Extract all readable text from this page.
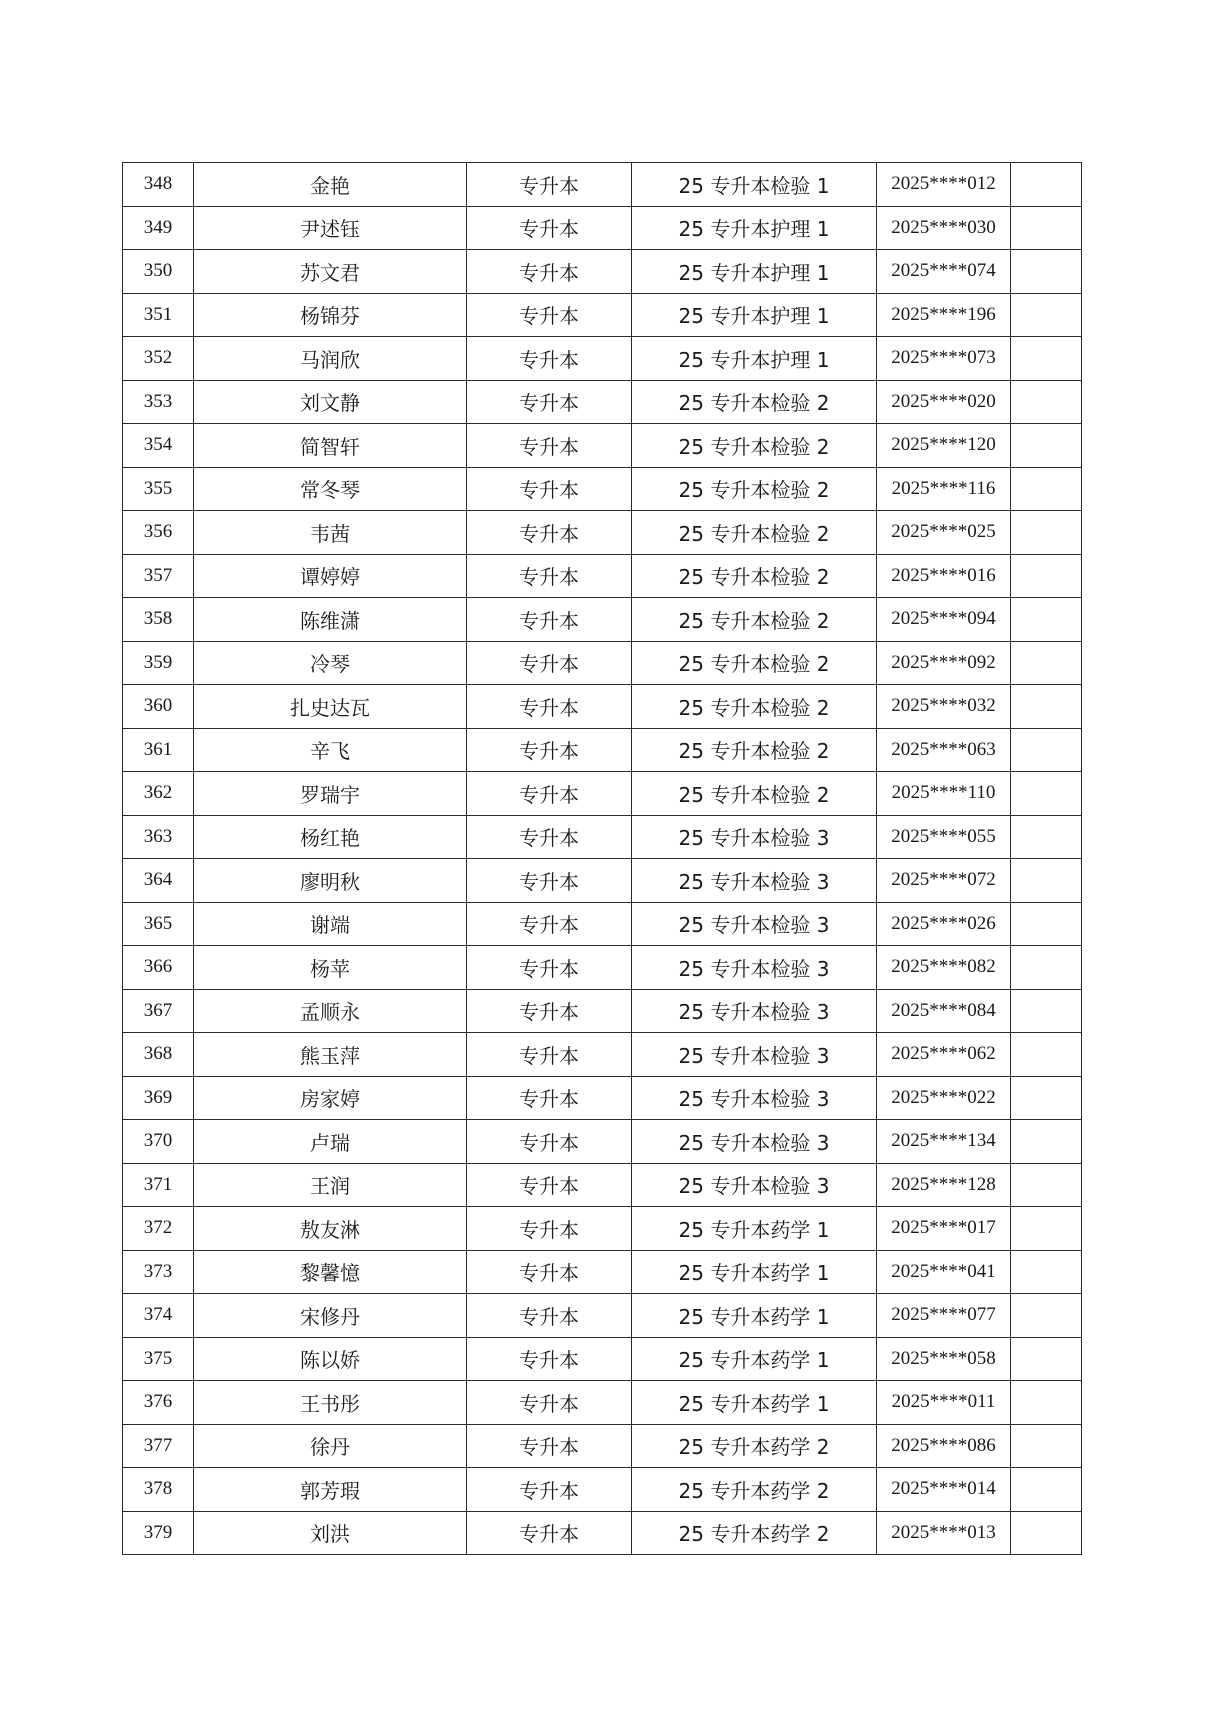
348	金艳	专升本	25 专升本检验 1	2025****012	
349	尹述钰	专升本	25 专升本护理 1	2025****030	
350	苏文君	专升本	25 专升本护理 1	2025****074	
351	杨锦芬	专升本	25 专升本护理 1	2025****196	
352	马润欣	专升本	25 专升本护理 1	2025****073	
353	刘文静	专升本	25 专升本检验 2	2025****020	
354	简智轩	专升本	25 专升本检验 2	2025****120	
355	常冬琴	专升本	25 专升本检验 2	2025****116	
356	韦茜	专升本	25 专升本检验 2	2025****025	
357	谭婷婷	专升本	25 专升本检验 2	2025****016	
358	陈维潇	专升本	25 专升本检验 2	2025****094	
359	冷琴	专升本	25 专升本检验 2	2025****092	
360	扎史达瓦	专升本	25 专升本检验 2	2025****032	
361	辛飞	专升本	25 专升本检验 2	2025****063	
362	罗瑞宇	专升本	25 专升本检验 2	2025****110	
363	杨红艳	专升本	25 专升本检验 3	2025****055	
364	廖明秋	专升本	25 专升本检验 3	2025****072	
365	谢端	专升本	25 专升本检验 3	2025****026	
366	杨苹	专升本	25 专升本检验 3	2025****082	
367	孟顺永	专升本	25 专升本检验 3	2025****084	
368	熊玉萍	专升本	25 专升本检验 3	2025****062	
369	房家婷	专升本	25 专升本检验 3	2025****022	
370	卢瑞	专升本	25 专升本检验 3	2025****134	
371	王润	专升本	25 专升本检验 3	2025****128	
372	敖友淋	专升本	25 专升本药学 1	2025****017	
373	黎馨憶	专升本	25 专升本药学 1	2025****041	
374	宋修丹	专升本	25 专升本药学 1	2025****077	
375	陈以娇	专升本	25 专升本药学 1	2025****058	
376	王书彤	专升本	25 专升本药学 1	2025****011	
377	徐丹	专升本	25 专升本药学 2	2025****086	
378	郭芳瑕	专升本	25 专升本药学 2	2025****014	
379	刘洪	专升本	25 专升本药学 2	2025****013	
